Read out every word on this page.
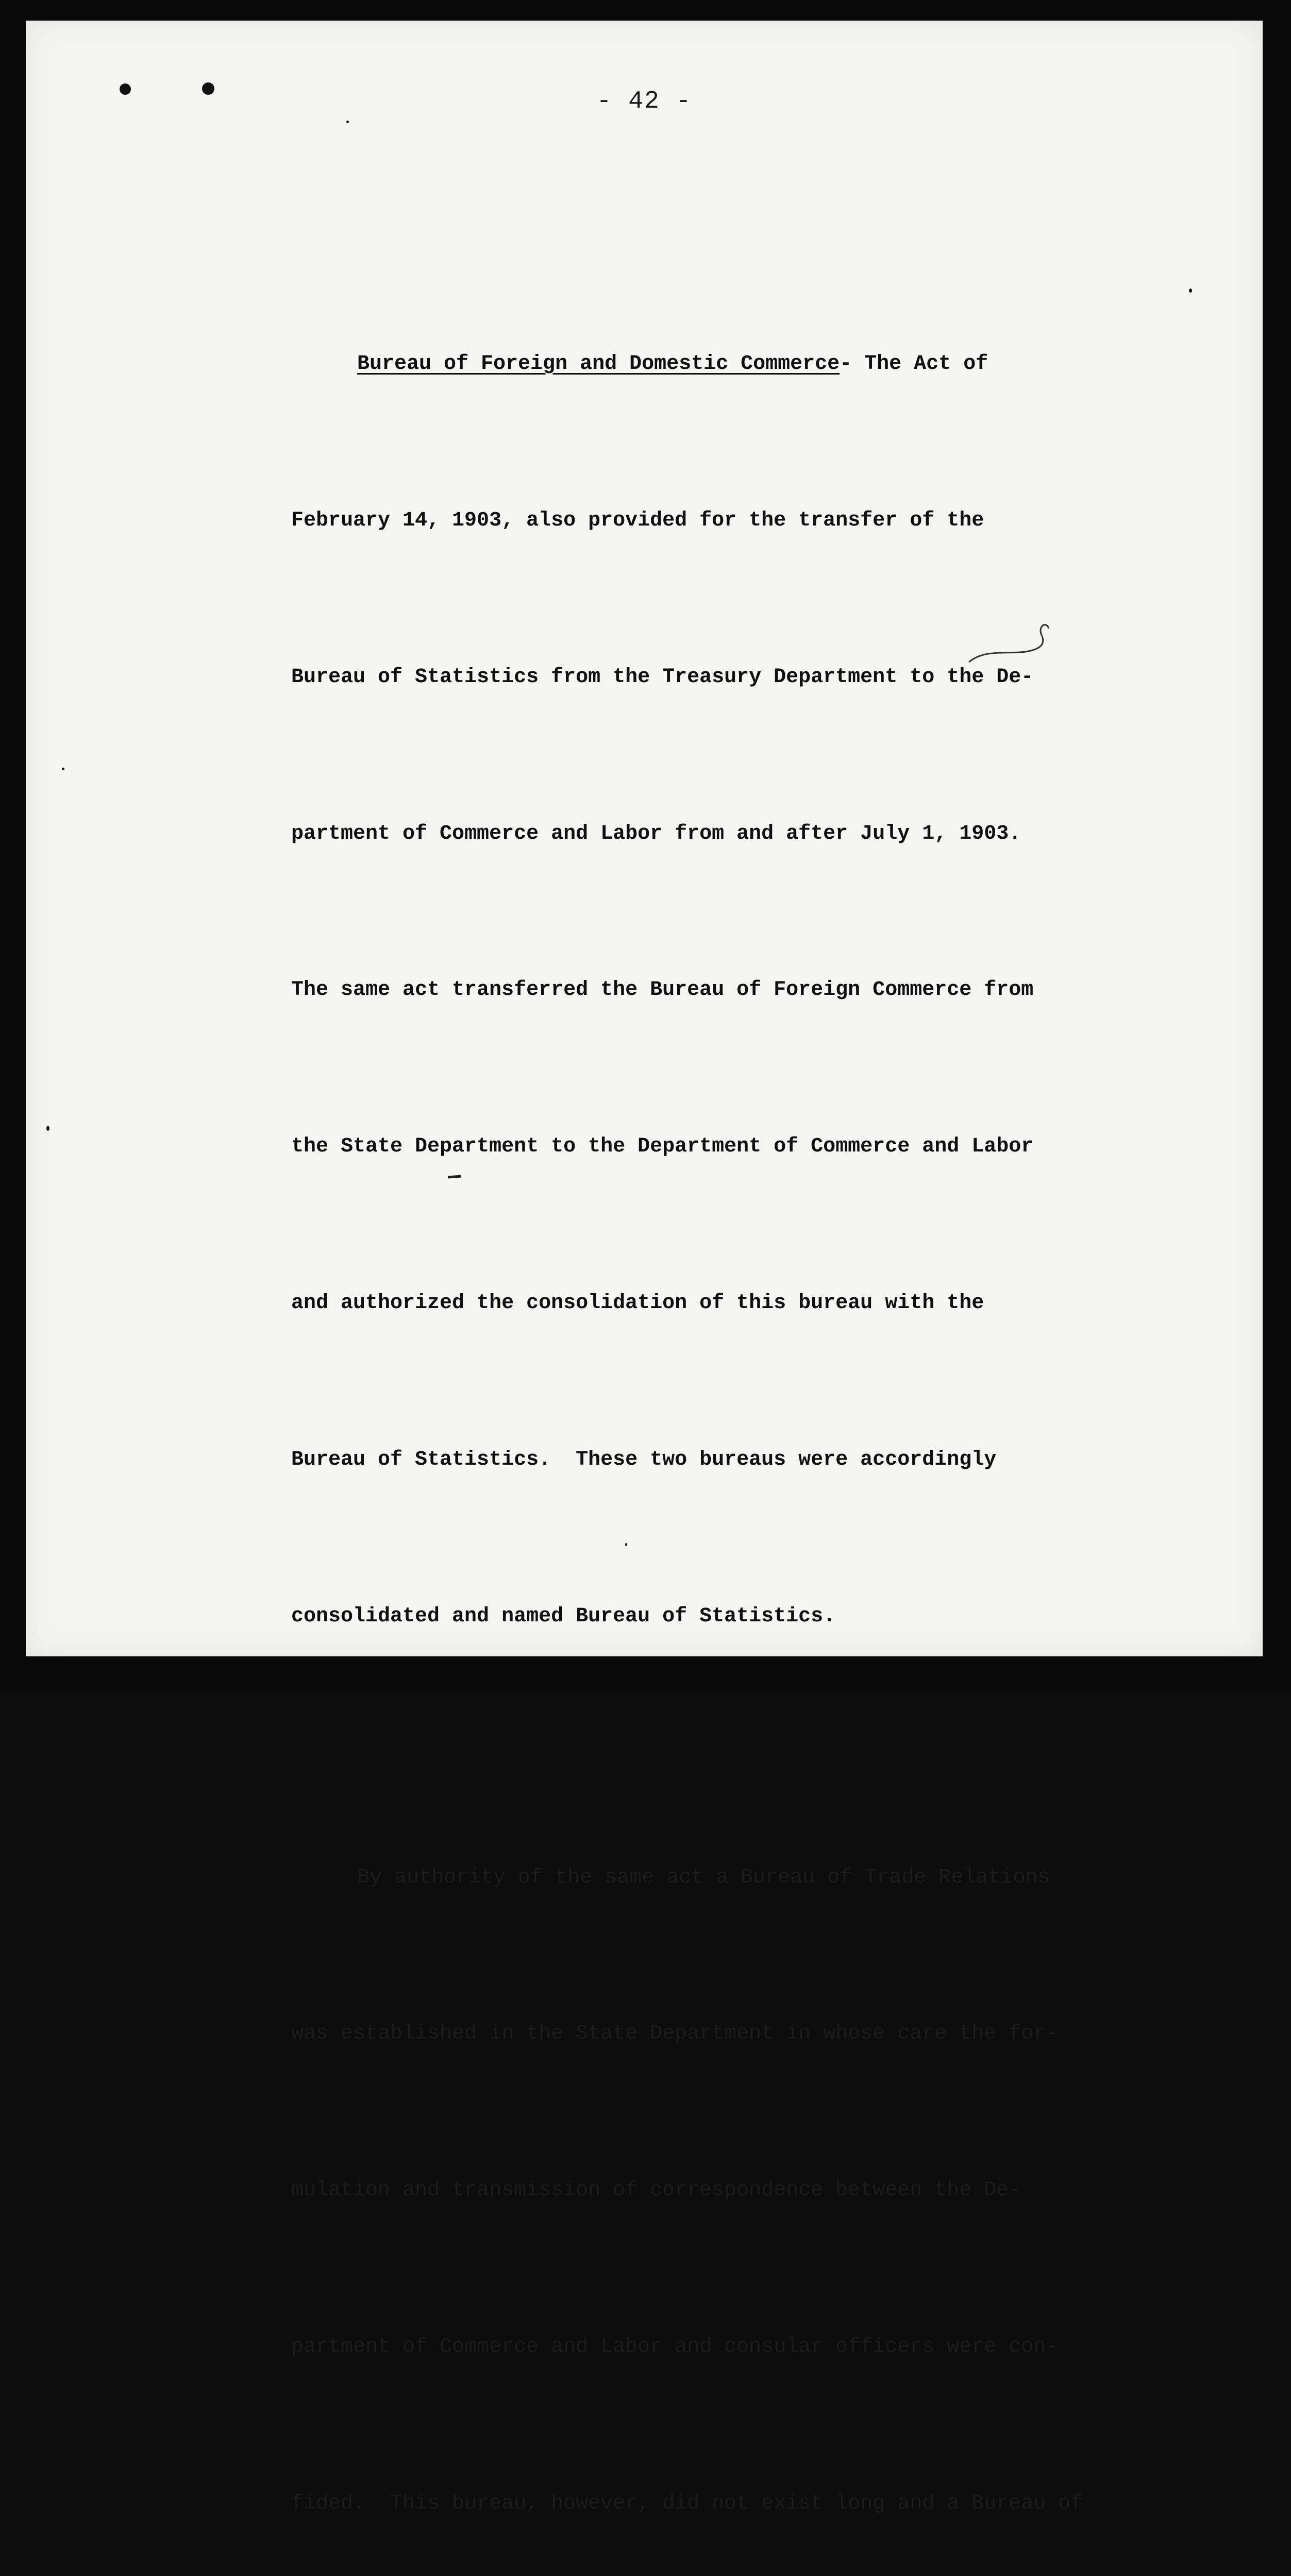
- 42 -

Bureau of Foreign and Domestic Commerce- The Act of

February 14, 1903, also provided for the transfer of the

Bureau of Statistics from the Treasury Department to the De-

partment of Commerce and Labor from and after July 1, 1903.

The same act transferred the Bureau of Foreign Commerce from

the State Department to the Department of Commerce and Labor

and authorized the consolidation of this bureau with the

Bureau of Statistics.  These two bureaus were accordingly

consolidated and named Bureau of Statistics.

By authority of the same act a Bureau of Trade Relations

was established in the State Department in whose care the for-

mulation and transmission of correspondence between the De-

partment of Commerce and Labor and consular officers were con-

fided.  This bureau, however, did not exist long and a Bureau of
